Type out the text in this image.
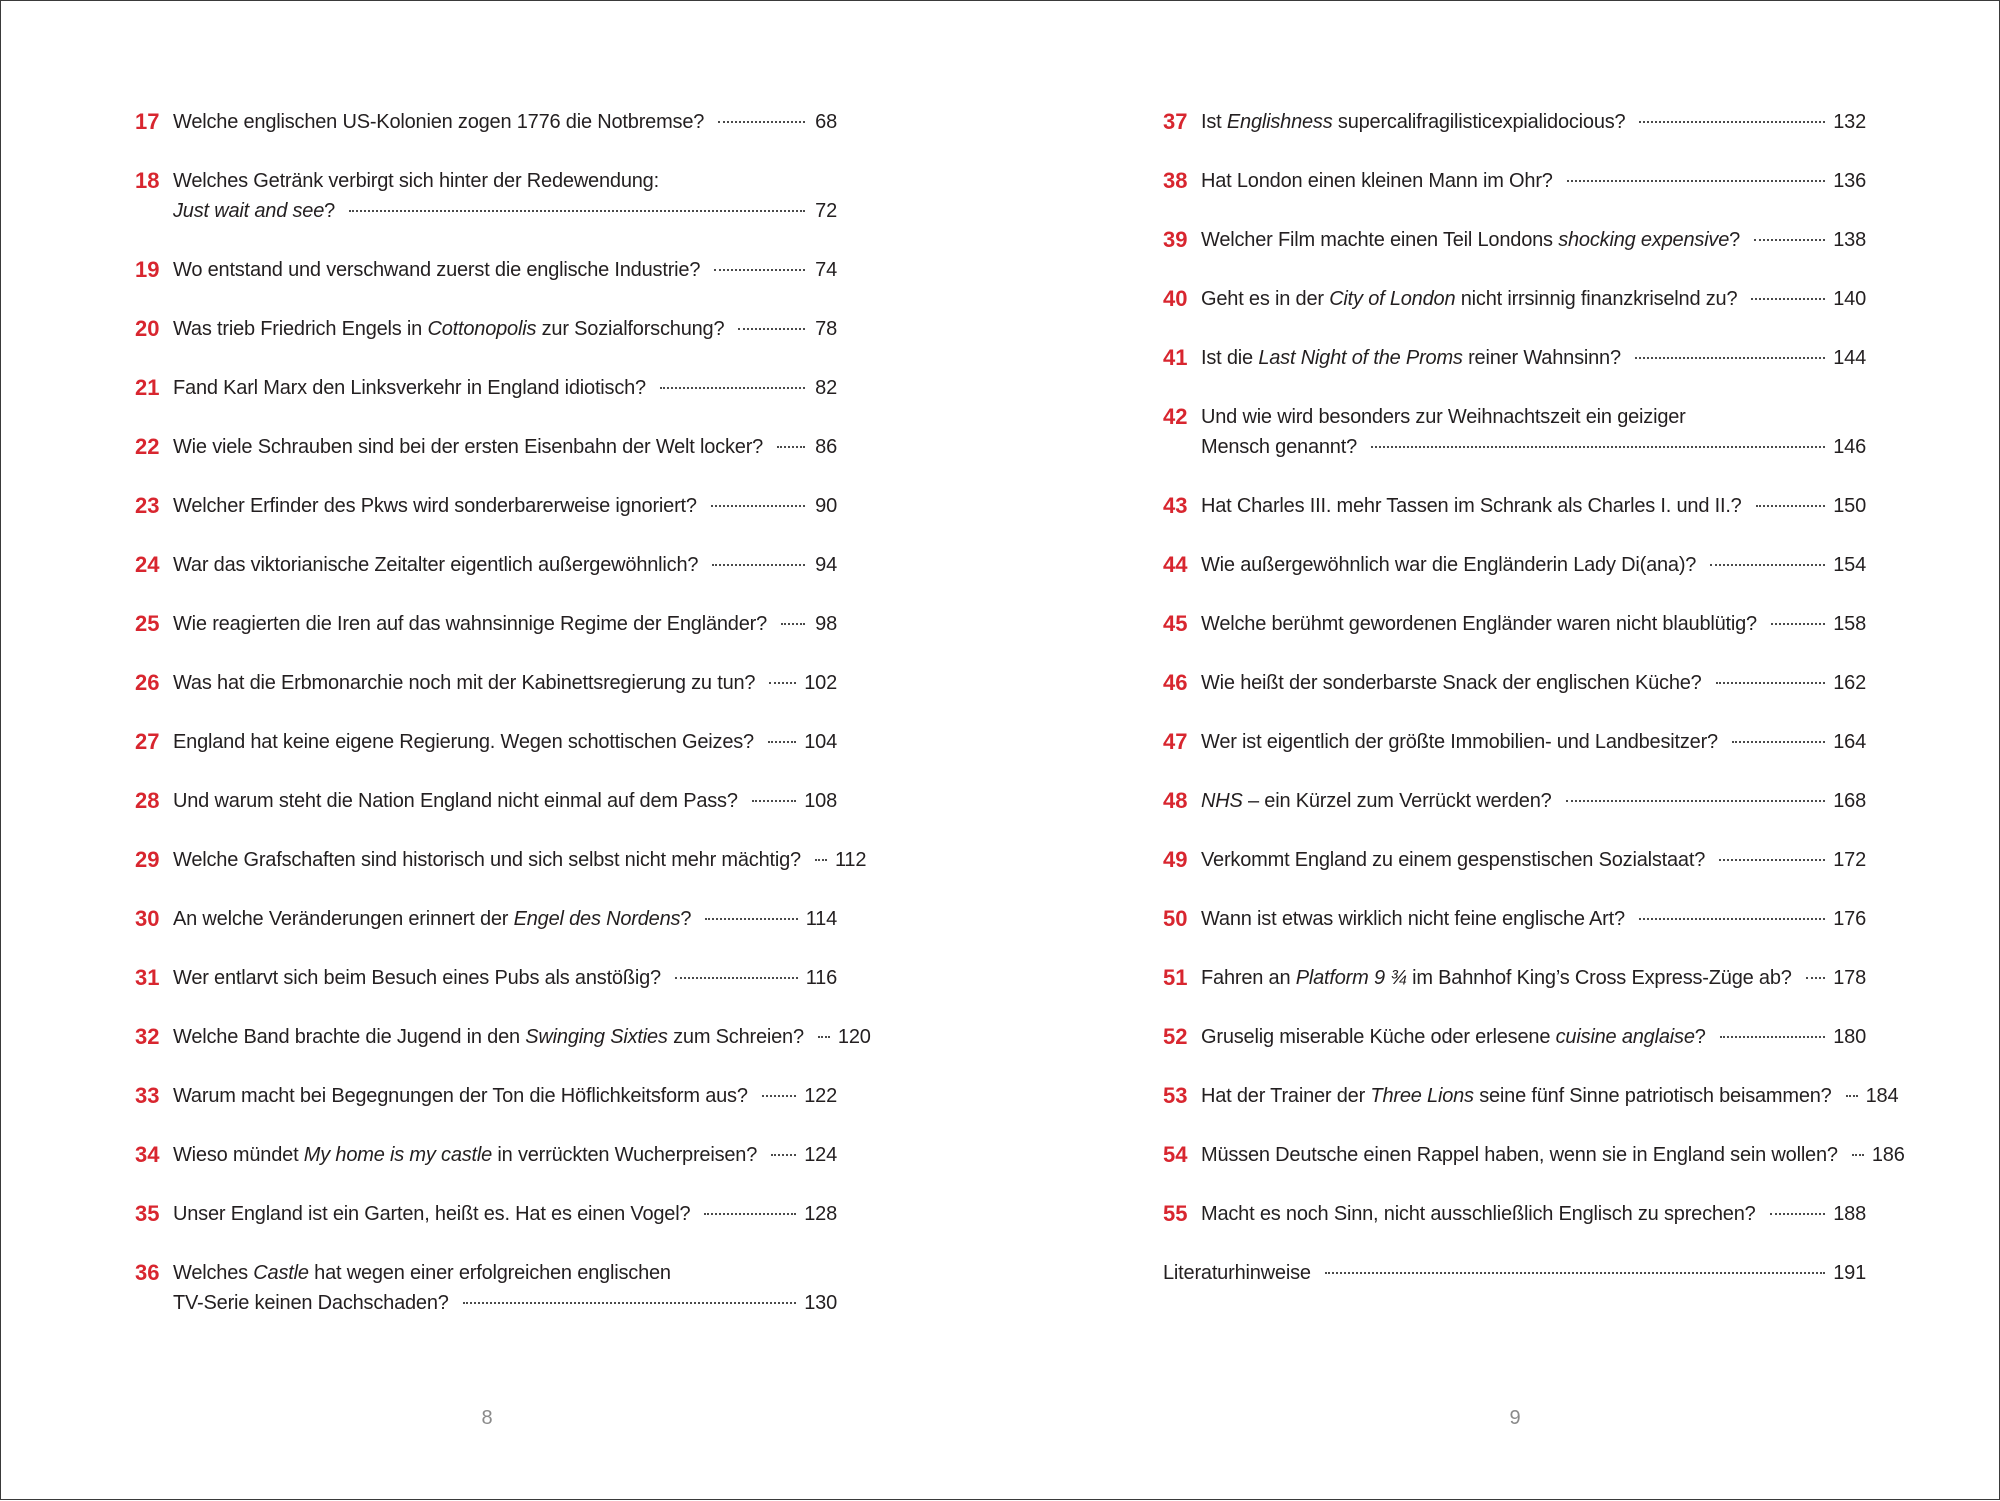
17 Welche englischen US-Kolonien zogen 1776 die Notbremse?	68
18 Welches Getränk verbirgt sich hinter der Redewendung:
Just wait and see?	72
19 Wo entstand und verschwand zuerst die englische Industrie?	74
20 Was trieb Friedrich Engels in Cottonopolis zur Sozialforschung?	78
21 Fand Karl Marx den Linksverkehr in England idiotisch?	82
22 Wie viele Schrauben sind bei der ersten Eisenbahn der Welt locker?	86
23 Welcher Erfinder des Pkws wird sonderbarerweise ignoriert?	90
24 War das viktorianische Zeitalter eigentlich außergewöhnlich?	94
25 Wie reagierten die Iren auf das wahnsinnige Regime der Engländer? 98
26 Was hat die Erbmonarchie noch mit der Kabinettsregierung zu tun? 102
27 England hat keine eigene Regierung. Wegen schottischen Geizes?	104
28 Und warum steht die Nation England nicht einmal auf dem Pass?	108
29 Welche Grafschaften sind historisch und sich selbst nicht mehr mächtig? 112
30 An welche Veränderungen erinnert der Engel des Nordens?	114
31 Wer entlarvt sich beim Besuch eines Pubs als anstößig?	116
32 Welche Band brachte die Jugend in den Swinging Sixties zum Schreien? 120
33 Warum macht bei Begegnungen der Ton die Höflichkeitsform aus?	122
34 Wieso mündet My home is my castle in verrückten Wucherpreisen? 124
35 Unser England ist ein Garten, heißt es. Hat es einen Vogel?	128
36 Welches Castle hat wegen einer erfolgreichen englischen
TV-Serie keinen Dachschaden?	130
8
37 Ist Englishness supercalifragilisticexpialidocious?	132
38 Hat London einen kleinen Mann im Ohr?	136
39 Welcher Film machte einen Teil Londons shocking expensive?	138
40 Geht es in der City of London nicht irrsinnig finanzkriselnd zu?	140
41 Ist die Last Night of the Proms reiner Wahnsinn?	144
42 Und wie wird besonders zur Weihnachtszeit ein geiziger
Mensch genannt?	146
43 Hat Charles III. mehr Tassen im Schrank als Charles I. und II.?	150
44 Wie außergewöhnlich war die Engländerin Lady Di(ana)?	154
45 Welche berühmt gewordenen Engländer waren nicht blaublütig?	158
46 Wie heißt der sonderbarste Snack der englischen Küche?	162
47 Wer ist eigentlich der größte Immobilien- und Landbesitzer?	164
48 NHS – ein Kürzel zum Verrückt werden?	168
49 Verkommt England zu einem gespenstischen Sozialstaat?	172
50 Wann ist etwas wirklich nicht feine englische Art?	176
51 Fahren an Platform 9 ¾ im Bahnhof King’s Cross Express-Züge ab? 178
52 Gruselig miserable Küche oder erlesene cuisine anglaise?	180
53 Hat der Trainer der Three Lions seine fünf Sinne patriotisch beisammen? 184
54 Müssen Deutsche einen Rappel haben, wenn sie in England sein wollen? 186
55 Macht es noch Sinn, nicht ausschließlich Englisch zu sprechen?	188
Literaturhinweise	191
9
